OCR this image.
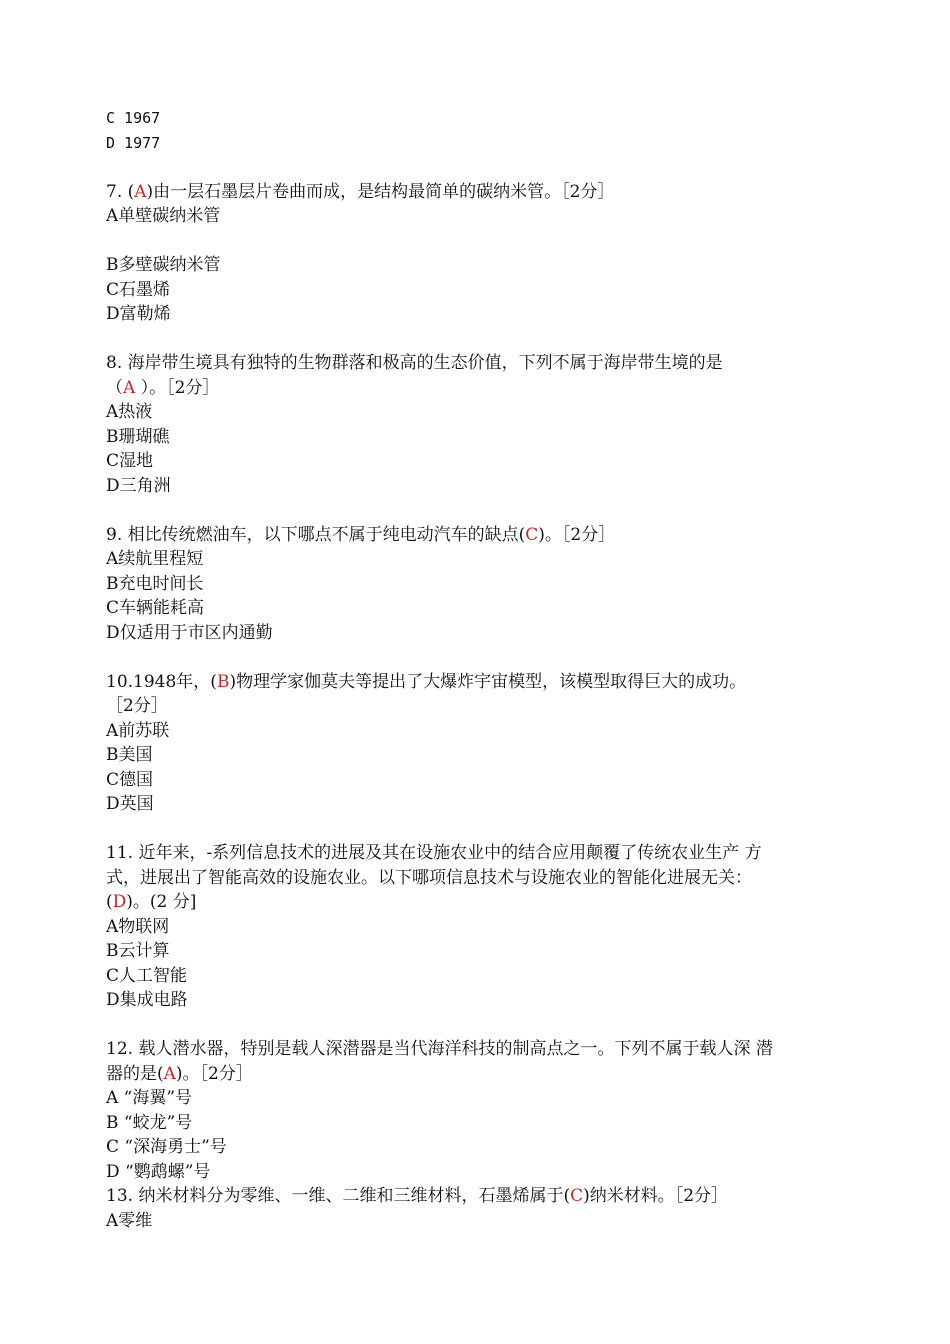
C 1967
D 1977
7. (A)由一层石墨层片卷曲而成，是结构最简单的碳纳米管。［2分］
A单壁碳纳米管
B多壁碳纳米管
C石墨烯
D富勒烯
8. 海岸带生境具有独特的生物群落和极高的生态价值，下列不属于海岸带生境的是
（A ）。［2分］
A热液
B珊瑚礁
C湿地
D三角洲
9. 相比传统燃油车，以下哪点不属于纯电动汽车的缺点(C)。［2分］
A续航里程短
B充电时间长
C车辆能耗高
D仅适用于市区内通勤
10.1948年，(B)物理学家伽莫夫等提出了大爆炸宇宙模型，该模型取得巨大的成功。
［2分］
A前苏联
B美国
C德国
D英国
11. 近年来，-系列信息技术的进展及其在设施农业中的结合应用颠覆了传统农业生产 方
式，进展出了智能高效的设施农业。以下哪项信息技术与设施农业的智能化进展无关：
(D)。(2 分]
A物联网
B云计算
C人工智能
D集成电路
12. 载人潜水器，特别是载人深潜器是当代海洋科技的制高点之一。下列不属于载人深 潜
器的是(A)。［2分］
A “海翼”号
B “蛟龙”号
C “深海勇士”号
D “鹦鹉螺”号
13. 纳米材料分为零维、一维、二维和三维材料，石墨烯属于(C)纳米材料。［2分］
A零维
